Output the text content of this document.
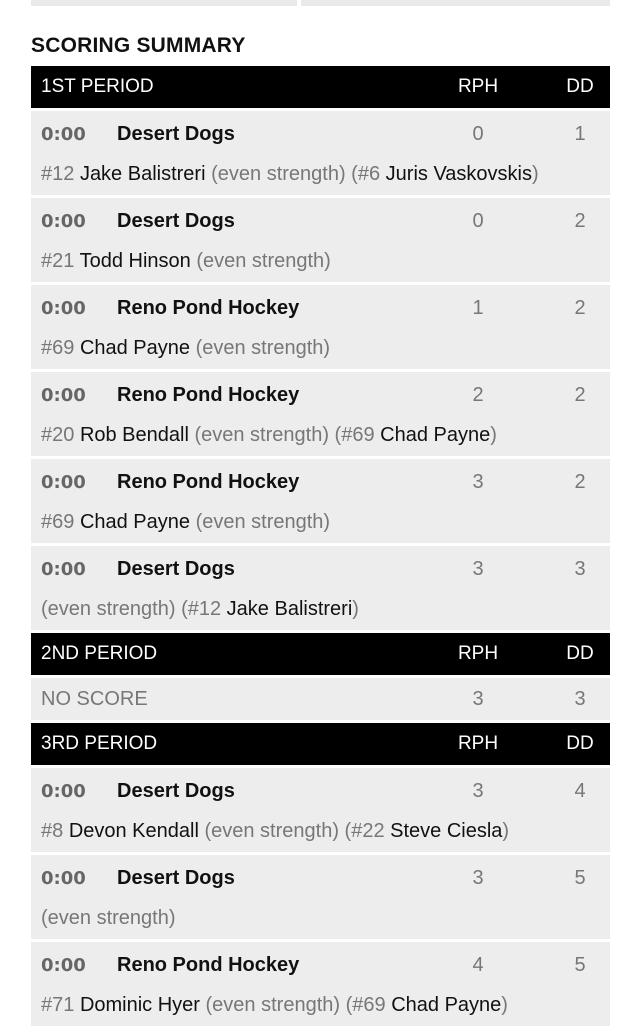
SCORING SUMMARY
1ST PERIOD	RPH	DD
0:00	Desert Dogs	0	1
#12 Jake Balistreri (even strength) (#6 Juris Vaskovskis)
0:00	Desert Dogs	0	2
#21 Todd Hinson (even strength)
0:00	Reno Pond Hockey	1	2
#69 Chad Payne (even strength)
0:00	Reno Pond Hockey	2	2
#20 Rob Bendall (even strength) (#69 Chad Payne)
0:00	Reno Pond Hockey	3	2
#69 Chad Payne (even strength)
0:00	Desert Dogs	3	3
(even strength) (#12 Jake Balistreri)
2ND PERIOD	RPH	DD
NO SCORE	3	3
3RD PERIOD	RPH	DD
0:00	Desert Dogs	3	4
#8 Devon Kendall (even strength) (#22 Steve Ciesla)
0:00	Desert Dogs	3	5
(even strength)
0:00	Reno Pond Hockey	4	5
#71 Dominic Hyer (even strength) (#69 Chad Payne)
